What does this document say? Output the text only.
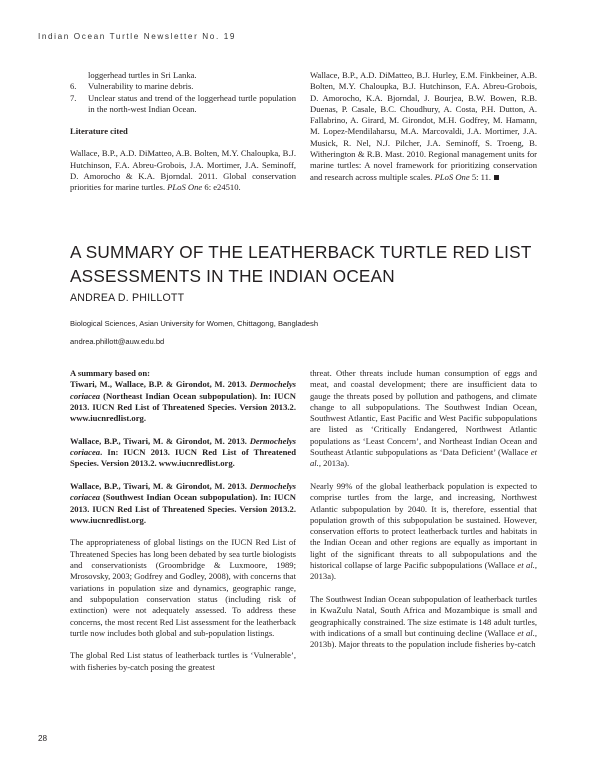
Indian Ocean Turtle Newsletter No. 19

loggerhead turtles in Sri Lanka.

6.	Vulnerability to marine debris.
7.	Unclear status and trend of the loggerhead turtle population in the north-west Indian Ocean.

Literature cited

Wallace, B.P., A.D. DiMatteo, A.B. Bolten, M.Y. Chaloupka, B.J. Hutchinson, F.A. Abreu-Grobois, J.A. Mortimer, J.A. Seminoff, D. Amorocho & K.A. Bjorndal. 2011. Global conservation priorities for marine turtles. PLoS One 6: e24510.

Wallace, B.P., A.D. DiMatteo, B.J. Hurley, E.M. Finkbeiner, A.B. Bolten, M.Y. Chaloupka, B.J. Hutchinson, F.A. Abreu-Grobois, D. Amorocho, K.A. Bjorndal, J. Bourjea, B.W. Bowen, R.B. Duenas, P. Casale, B.C. Choudhury, A. Costa, P.H. Dutton, A. Fallabrino, A. Girard, M. Girondot, M.H. Godfrey, M. Hamann, M. Lopez-Mendilaharsu, M.A. Marcovaldi, J.A. Mortimer, J.A. Musick, R. Nel, N.J. Pilcher, J.A. Seminoff, S. Troeng, B. Witherington & R.B. Mast. 2010. Regional management units for marine turtles: A novel framework for prioritizing conservation and research across multiple scales. PLoS One 5: 11.

A SUMMARY OF THE LEATHERBACK TURTLE RED LIST ASSESSMENTS IN THE INDIAN OCEAN
ANDREA D. PHILLOTT
Biological Sciences, Asian University for Women, Chittagong, Bangladesh
andrea.phillott@auw.edu.bd

A summary based on:

Tiwari, M., Wallace, B.P. & Girondot, M. 2013. Dermochelys coriacea (Northeast Indian Ocean subpopulation). In: IUCN 2013. IUCN Red List of Threatened Species. Version 2013.2. www.iucnredlist.org.

Wallace, B.P., Tiwari, M. & Girondot, M. 2013. Dermochelys coriacea. In: IUCN 2013. IUCN Red List of Threatened Species. Version 2013.2. www.iucnredlist.org.

Wallace, B.P., Tiwari, M. & Girondot, M. 2013. Dermochelys coriacea (Southwest Indian Ocean subpopulation). In: IUCN 2013. IUCN Red List of Threatened Species. Version 2013.2. www.iucnredlist.org.

The appropriateness of global listings on the IUCN Red List of Threatened Species has long been debated by sea turtle biologists and conservationists (Groombridge & Luxmoore, 1989; Mrosovsky, 2003; Godfrey and Godley, 2008), with concerns that variations in population size and dynamics, geographic range, and subpopulation conservation status (including risk of extinction) were not adequately assessed. To address these concerns, the most recent Red List assessment for the leatherback turtle now includes both global and sub-population listings.

The global Red List status of leatherback turtles is ‘Vulnerable’, with fisheries by-catch posing the greatest

threat. Other threats include human consumption of eggs and meat, and coastal development; there are insufficient data to gauge the threats posed by pollution and pathogens, and climate change to all subpopulations. The Southwest Indian Ocean, Southwest Atlantic, East Pacific and West Pacific subpopulations are listed as ‘Critically Endangered, Northwest Atlantic populations as ‘Least Concern’, and Northeast Indian Ocean and Southeast Atlantic subpopulations as ‘Data Deficient’ (Wallace et al., 2013a).

Nearly 99% of the global leatherback population is expected to comprise turtles from the large, and increasing, Northwest Atlantic subpopulation by 2040. It is, therefore, essential that population growth of this subpopulation be sustained. However, conservation efforts to protect leatherback turtles and habitats in the Indian Ocean and other regions are equally as important in light of the significant threats to all subpopulations and the historical collapse of large Pacific subpopulations (Wallace et al., 2013a).

The Southwest Indian Ocean subpopulation of leatherback turtles in KwaZulu Natal, South Africa and Mozambique is small and geographically constrained. The size estimate is 148 adult turtles, with indications of a small but continuing decline (Wallace et al., 2013b). Major threats to the population include fisheries by-catch

28
